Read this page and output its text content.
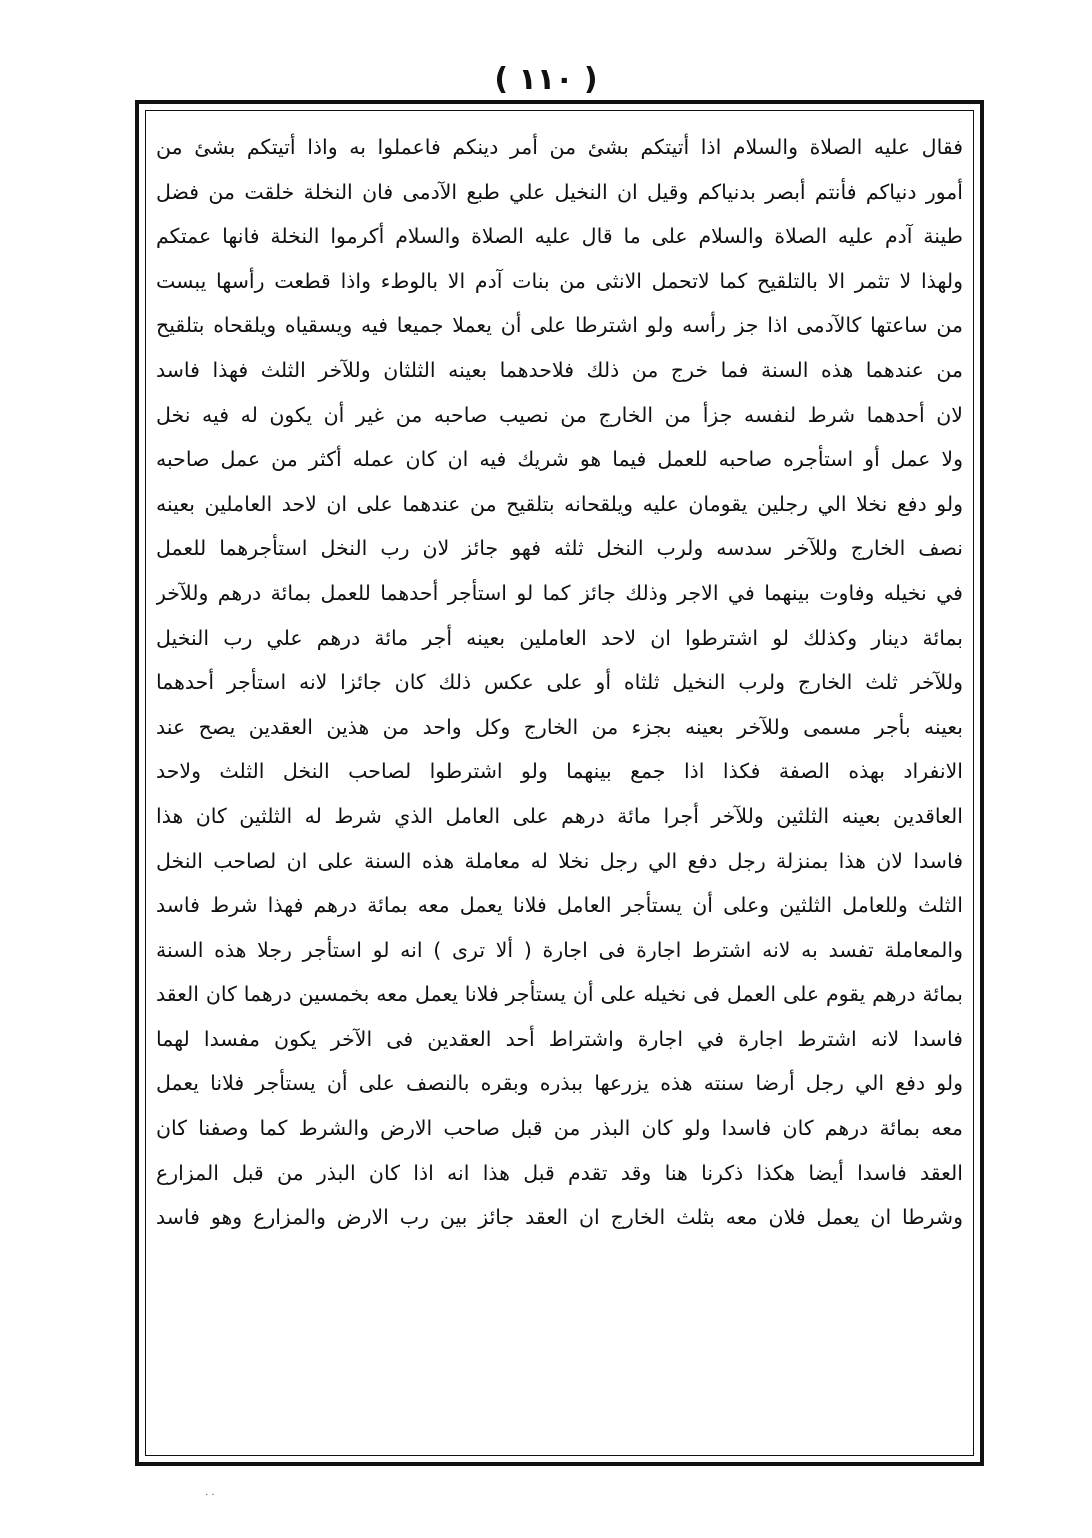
( ١١٠ )
فقال عليه الصلاة والسلام اذا أتيتكم بشئ من أمر دينكم فاعملوا به واذا أتيتكم بشئ من
أمور دنياكم فأنتم أبصر بدنياكم وقيل ان النخيل علي طبع الآدمى فان النخلة خلقت من فضل
طينة آدم عليه الصلاة والسلام على ما قال عليه الصلاة والسلام أكرموا النخلة فانها عمتكم
ولهذا لا تثمر الا بالتلقيح كما لاتحمل الانثى من بنات آدم الا بالوطء واذا قطعت رأسها يبست
من ساعتها كالآدمى اذا جز رأسه ولو اشترطا على أن يعملا جميعا فيه ويسقياه ويلقحاه بتلقيح
من عندهما هذه السنة فما خرج من ذلك فلاحدهما بعينه الثلثان وللآخر الثلث فهذا فاسد
لان أحدهما شرط لنفسه جزأ من الخارج من نصيب صاحبه من غير أن يكون له فيه نخل
ولا عمل أو استأجره صاحبه للعمل فيما هو شريك فيه ان كان عمله أكثر من عمل صاحبه
ولو دفع نخلا الي رجلين يقومان عليه ويلقحانه بتلقيح من عندهما على ان لاحد العاملين بعينه
نصف الخارج وللآخر سدسه ولرب النخل ثلثه فهو جائز لان رب النخل استأجرهما للعمل
في نخيله وفاوت بينهما في الاجر وذلك جائز كما لو استأجر أحدهما للعمل بمائة درهم وللآخر
بمائة دينار وكذلك لو اشترطوا ان لاحد العاملين بعينه أجر مائة درهم علي رب النخيل
وللآخر ثلث الخارج ولرب النخيل ثلثاه أو على عكس ذلك كان جائزا لانه استأجر أحدهما
بعينه بأجر مسمى وللآخر بعينه بجزء من الخارج وكل واحد من هذين العقدين يصح عند
الانفراد بهذه الصفة فكذا اذا جمع بينهما ولو اشترطوا لصاحب النخل الثلث ولاحد
العاقدين بعينه الثلثين وللآخر أجرا مائة درهم على العامل الذي شرط له الثلثين كان هذا
فاسدا لان هذا بمنزلة رجل دفع الي رجل نخلا له معاملة هذه السنة على ان لصاحب النخل
الثلث وللعامل الثلثين وعلى أن يستأجر العامل فلانا يعمل معه بمائة درهم فهذا شرط فاسد
والمعاملة تفسد به لانه اشترط اجارة فى اجارة ( ألا ترى ) انه لو استأجر رجلا هذه السنة
بمائة درهم يقوم على العمل فى نخيله على أن يستأجر فلانا يعمل معه بخمسين درهما كان العقد
فاسدا لانه اشترط اجارة في اجارة واشتراط أحد العقدين فى الآخر يكون مفسدا لهما
ولو دفع الي رجل أرضا سنته هذه يزرعها ببذره وبقره بالنصف على أن يستأجر فلانا يعمل
معه بمائة درهم كان فاسدا ولو كان البذر من قبل صاحب الارض والشرط كما وصفنا كان
العقد فاسدا أيضا هكذا ذكرنا هنا وقد تقدم قبل هذا انه اذا كان البذر من قبل المزارع
وشرطا ان يعمل فلان معه بثلث الخارج ان العقد جائز بين رب الارض والمزارع وهو فاسد
· ·
